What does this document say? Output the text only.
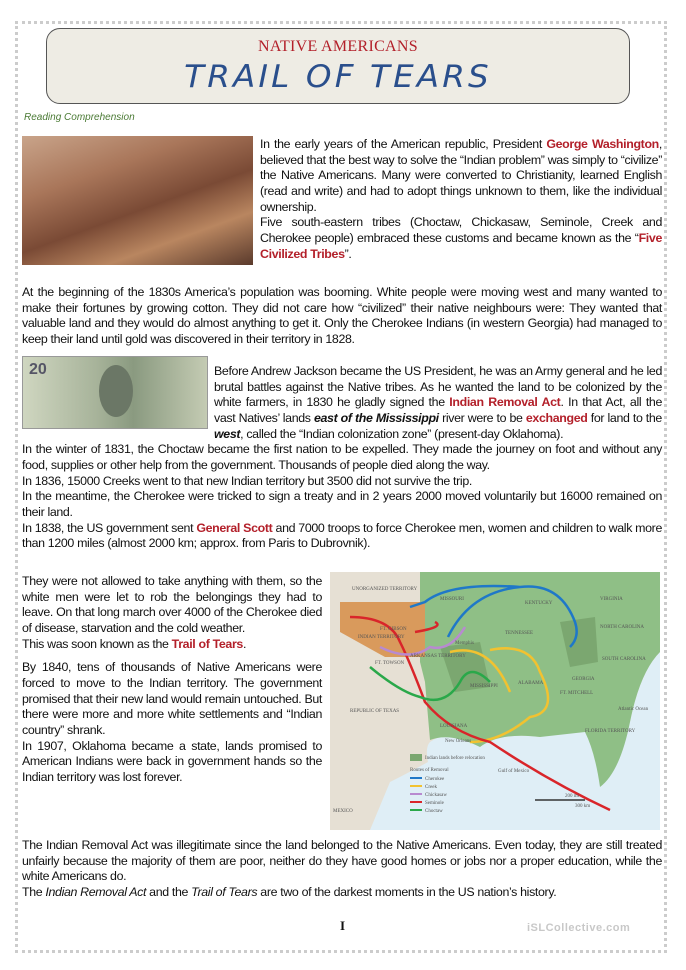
NATIVE AMERICANS
TRAIL OF TEARS
Reading Comprehension

In the early years of the American republic, President George Washington, believed that the best way to solve the “Indian problem” was simply to “civilize” the Native Americans. Many were converted to Christianity, learned English (read and write) and had to adopt things unknown to them, like the individual ownership.

Five south-eastern tribes (Choctaw, Chickasaw, Seminole, Creek and Cherokee people) embraced these customs and became known as the “Five Civilized Tribes”.

At the beginning of the 1830s America’s population was booming. White people were moving west and many wanted to make their fortunes by growing cotton. They did not care how “civilized” their native neighbours were: They wanted that valuable land and they would do almost anything to get it. Only the Cherokee Indians (in western Georgia) had managed to keep their land until gold was discovered in their territory in 1828.

20	Before Andrew Jackson became the US President, he was an Army general and he led brutal battles against the Native tribes. As he wanted the land to be colonized by the white farmers, in 1830 he gladly signed the Indian Removal Act. In that Act, all the vast Natives’ lands east of the Mississippi river were to be exchanged for land to the west, called the “Indian colonization zone” (present-day Oklahoma).

In the winter of 1831, the Choctaw became the first nation to be expelled. They made the journey on foot and without any food, supplies or other help from the government. Thousands of people died along the way.

In 1836, 15000 Creeks went to that new Indian territory but 3500 did not survive the trip.

In the meantime, the Cherokee were tricked to sign a treaty and in 2 years 2000 moved voluntarily but 16000 remained on their land.

In 1838, the US government sent General Scott and 7000 troops to force Cherokee men, women and children to walk more than 1200 miles (almost 2000 km; approx. from Paris to Dubrovnik).

They were not allowed to take anything with them, so the white men were let to rob the belongings they had to leave. On that long march over 4000 of the Cherokee died of disease, starvation and the cold weather.

This was soon known as the Trail of Tears.

By 1840, tens of thousands of Native Americans were forced to move to the Indian territory. The government promised that their new land would remain untouched. But there were more and more white settlements and “Indian country” shrank.

In 1907, Oklahoma became a state, lands promised to American Indians were back in government hands so the Indian territory was lost forever.

UNORGANIZED TERRITORY
MISSOURI
KENTUCKY
VIRGINIA
INDIAN TERRITORY
TENNESSEE
NORTH CAROLINA
SOUTH CAROLINA
ARKANSAS TERRITORY
MISSISSIPPI
ALABAMA
GEORGIA
REPUBLIC OF TEXAS
LOUISIANA
FLORIDA TERRITORY
MEXICO
Memphis
New Orleans
FT. GIBSON
FT. TOWSON
FT. MITCHELL
Atlantic Ocean
Gulf of Mexico
Indian lands before relocation
Routes of Removal
Cherokee
Creek
Chickasaw
Seminole
Choctaw
200 mi
300 km

The Indian Removal Act was illegitimate since the land belonged to the Native Americans. Even today, they are still treated unfairly because the majority of them are poor, neither do they have good homes or jobs nor a proper education, while the white Americans do.

The Indian Removal Act and the Trail of Tears are two of the darkest moments in the US nation’s history.

I	iSLCollective.com
